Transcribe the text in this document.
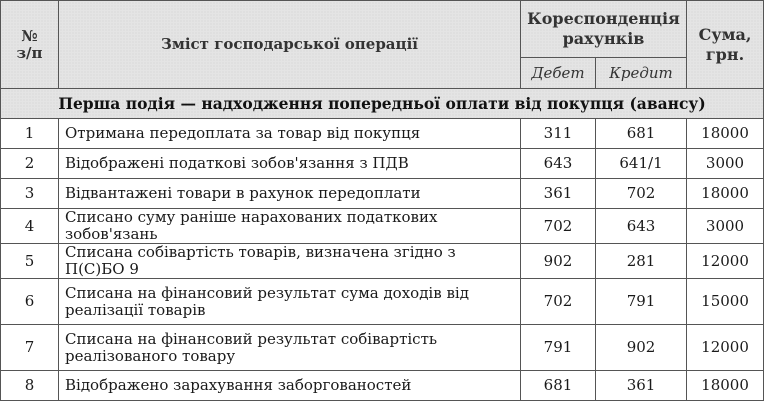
№
з/п	Зміст господарської операції	Кореспонденція рахунків		Сума, грн.
		Дебет	Кредит	
Перша подія — надходження попередньої оплати від покупця (авансу)				
1	Отримана передоплата за товар від покупця	311	681	18000
2	Відображені податкові зобов'язання з ПДВ	643	641/1	3000
3	Відвантажені товари в рахунок передоплати	361	702	18000
4	Списано суму раніше нарахованих податкових зобов'язань	702	643	3000
5	Списана собівартість товарів, визначена згідно з П(С)БО 9	902	281	12000
6	Списана на фінансовий результат сума доходів від реалізації товарів	702	791	15000
7	Списана на фінансовий результат собівартість реалізованого товару	791	902	12000
8	Відображено зарахування заборгованостей	681	361	18000
